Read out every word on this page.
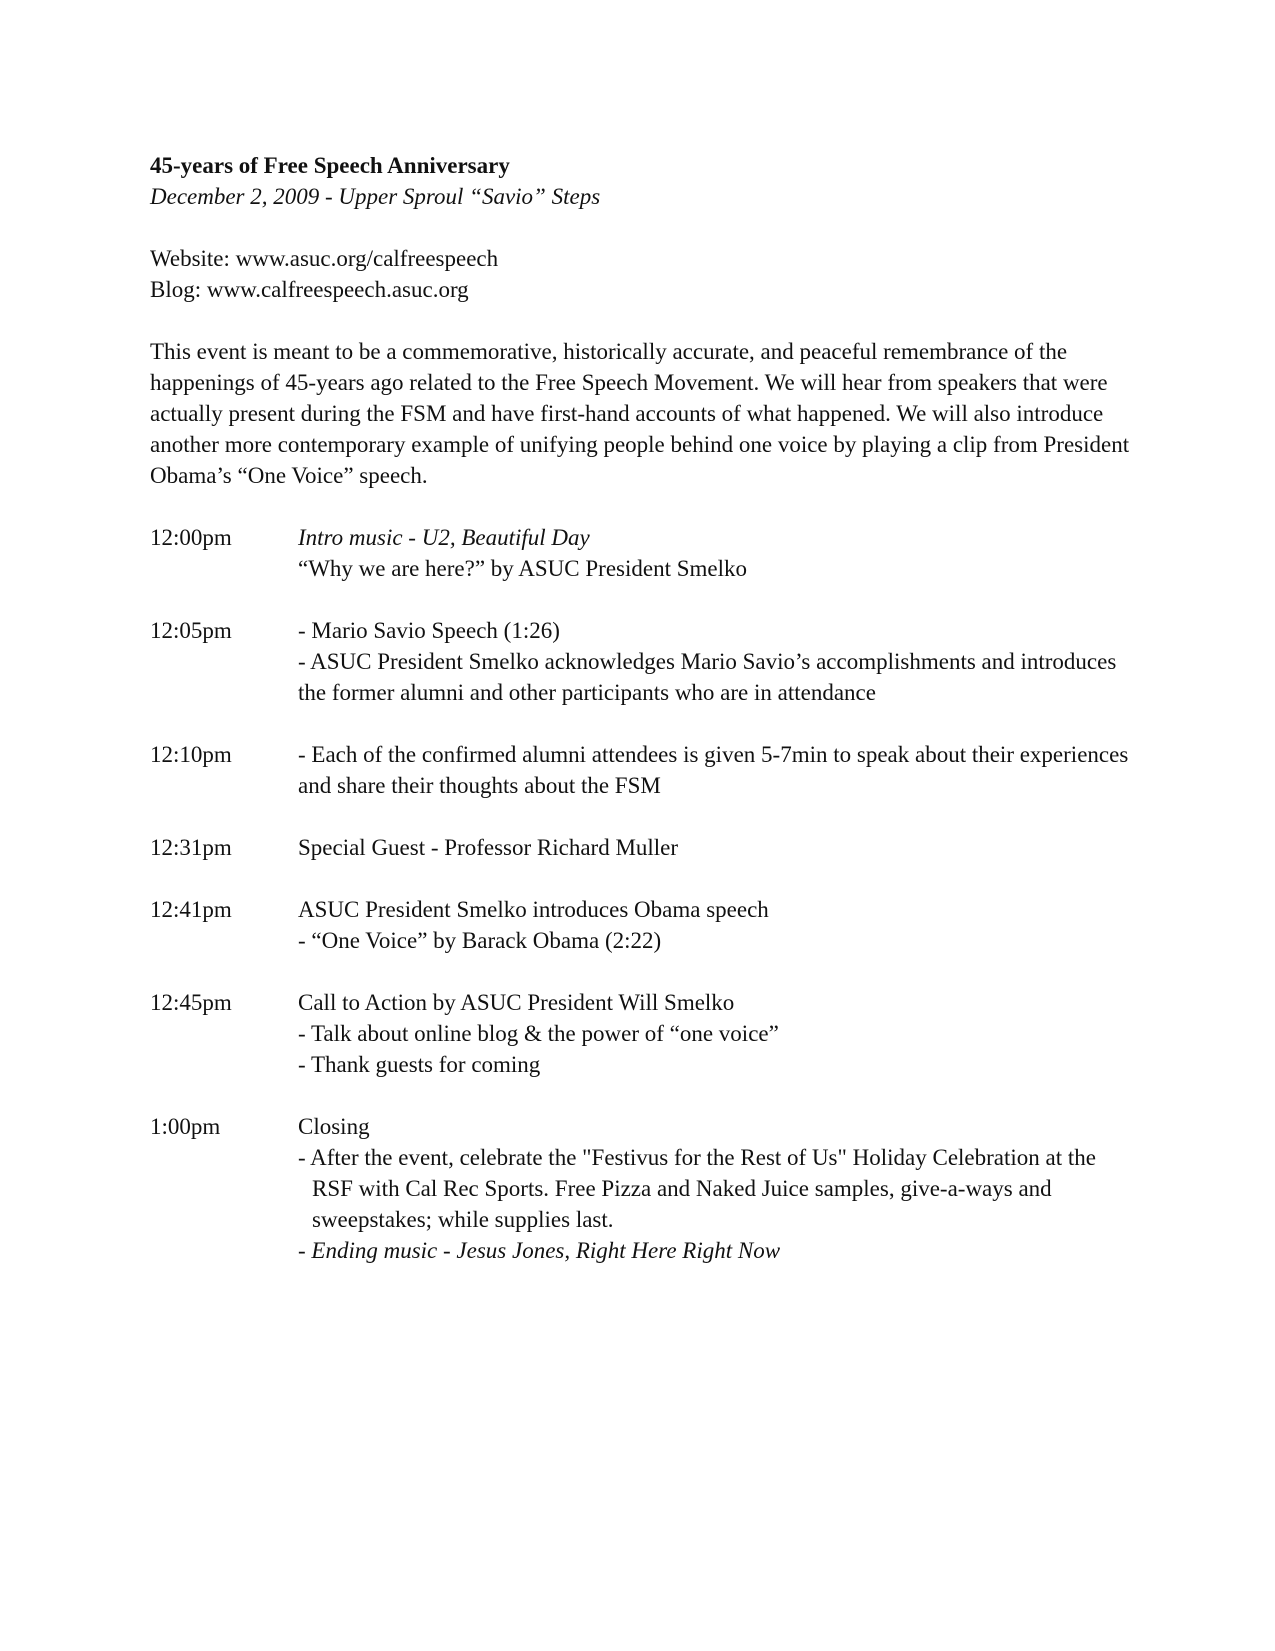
45-years of Free Speech Anniversary

December 2, 2009 - Upper Sproul “Savio” Steps

Website: www.asuc.org/calfreespeech
Blog: www.calfreespeech.asuc.org

This event is meant to be a commemorative, historically accurate, and peaceful remembrance of the happenings of 45-years ago related to the Free Speech Movement. We will hear from speakers that were actually present during the FSM and have first-hand accounts of what happened. We will also introduce another more contemporary example of unifying people behind one voice by playing a clip from President Obama’s “One Voice” speech.

12:00pm	Intro music - U2, Beautiful Day
“Why we are here?” by ASUC President Smelko
12:05pm	- Mario Savio Speech (1:26)
- ASUC President Smelko acknowledges Mario Savio’s accomplishments and introduces the former alumni and other participants who are in attendance
12:10pm	- Each of the confirmed alumni attendees is given 5-7min to speak about their experiences and share their thoughts about the FSM
12:31pm	Special Guest - Professor Richard Muller
12:41pm	ASUC President Smelko introduces Obama speech
- “One Voice” by Barack Obama (2:22)
12:45pm	Call to Action by ASUC President Will Smelko
- Talk about online blog & the power of “one voice”
- Thank guests for coming
1:00pm	Closing
- After the event, celebrate the "Festivus for the Rest of Us" Holiday Celebration at the RSF with Cal Rec Sports. Free Pizza and Naked Juice samples, give-a-ways and sweepstakes; while supplies last.
- Ending music - Jesus Jones, Right Here Right Now
